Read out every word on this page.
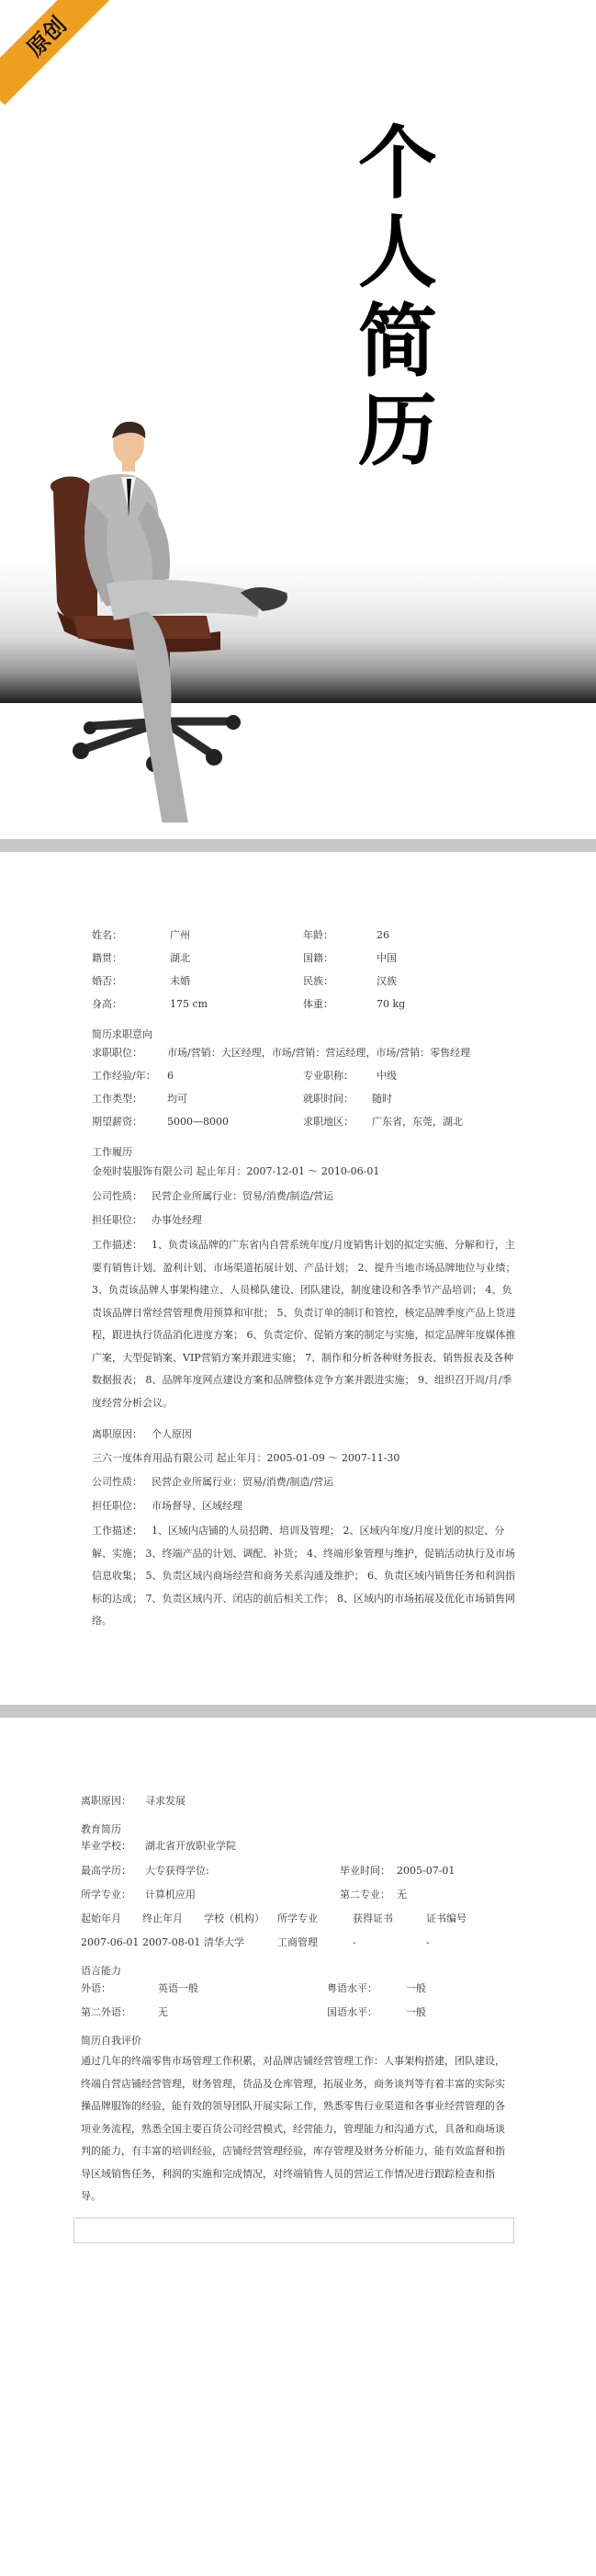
原创
个
人
简
历
姓名：	广州	年龄：	26
籍贯：	湖北	国籍：	中国
婚否：	未婚	民族：	汉族
身高：	175 cm	体重：	70 kg
简历求职意向
求职职位： 市场/营销：大区经理，市场/营销：营运经理，市场/营销：零售经理
工作经验/年： 6	专业职称： 中级
工作类型： 均可	就职时间： 随时
期望薪资： 5000—8000	求职地区： 广东省，东莞，湖北
工作履历
金苑时装服饰有限公司 起止年月：2007-12-01 ～ 2010-06-01
公司性质： 民营企业所属行业：贸易/消费/制造/营运
担任职位： 办事处经理
工作描述： 1、负责该品牌的广东省内自营系统年度/月度销售计划的拟定实施、分解和行，主要有销售计划、盈利计划、市场渠道拓展计划、产品计划； 2、提升当地市场品牌地位与业绩； 3、负责该品牌人事架构建立、人员梯队建设、团队建设，制度建设和各季节产品培训； 4、负责该品牌日常经营管理费用预算和审批； 5、负责订单的制订和管控，核定品牌季度产品上货进程，跟进执行货品消化进度方案； 6、负责定价、促销方案的制定与实施，拟定品牌年度媒体推广案，大型促销案、VIP营销方案并跟进实施； 7、制作和分析各种财务报表、销售报表及各种数据报表； 8、品牌年度网点建设方案和品牌整体竞争方案并跟进实施； 9、组织召开周/月/季度经营分析会议。
离职原因： 个人原因
三六一度体育用品有限公司 起止年月：2005-01-09 ～ 2007-11-30
公司性质： 民营企业所属行业：贸易/消费/制造/营运
担任职位： 市场督导、区域经理
工作描述： 1、区域内店铺的人员招聘、培训及管理； 2、区域内年度/月度计划的拟定、分解、实施； 3、终端产品的计划、调配、补货； 4、终端形象管理与维护，促销活动执行及市场信息收集； 5、负责区域内商场经营和商务关系沟通及维护； 6、负责区域内销售任务和利润指标的达成； 7、负责区域内开、闭店的前后相关工作； 8、区域内的市场拓展及优化市场销售网络。
离职原因： 寻求发展
教育简历
毕业学校： 湖北省开放职业学院
最高学历： 大专获得学位:	毕业时间： 2005-07-01
所学专业： 计算机应用	第二专业： 无
起始年月 终止年月 学校（机构） 所学专业	获得证书	证书编号
2007-06-01 2007-08-01 清华大学	工商管理	-	-
语言能力
外语：	英语一般	粤语水平：	一般
第二外语：	无	国语水平：	一般
简历自我评价
通过几年的终端零售市场管理工作积累，对品牌店铺经营管理工作：人事架构搭建，团队建设，终端自营店铺经营管理，财务管理，货品及仓库管理，拓展业务，商务谈判等有着丰富的实际实操品牌服饰的经验，能有效的领导团队开展实际工作，熟悉零售行业渠道和各事业经营管理的各项业务流程，熟悉全国主要百货公司经营模式，经营能力，管理能力和沟通方式，具备和商场谈判的能力，有丰富的培训经验，店铺经营管理经验，库存管理及财务分析能力，能有效监督和指导区域销售任务，利润的实施和完成情况，对终端销售人员的营运工作情况进行跟踪检查和指导。
